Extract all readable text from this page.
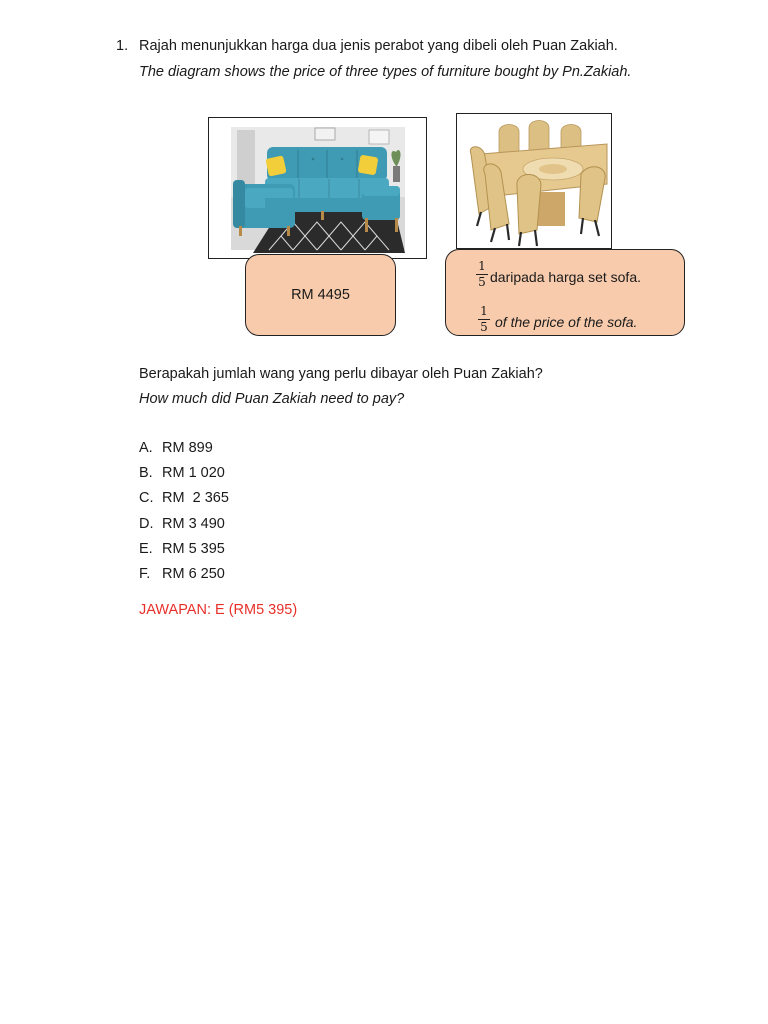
1. Rajah menunjukkan harga dua jenis perabot yang dibeli oleh Puan Zakiah.
The diagram shows the price of three types of furniture bought by Pn.Zakiah.
RM 4495
$\frac{1}{5}$ daripada harga set sofa.
$\frac{1}{5}$ of the price of the sofa.
Berapakah jumlah wang yang perlu dibayar oleh Puan Zakiah?
How much did Puan Zakiah need to pay?
A. RM 899
B. RM 1 020
C. RM  2 365
D. RM 3 490
E. RM 5 395
F. RM 6 250
JAWAPAN: E (RM5 395)
